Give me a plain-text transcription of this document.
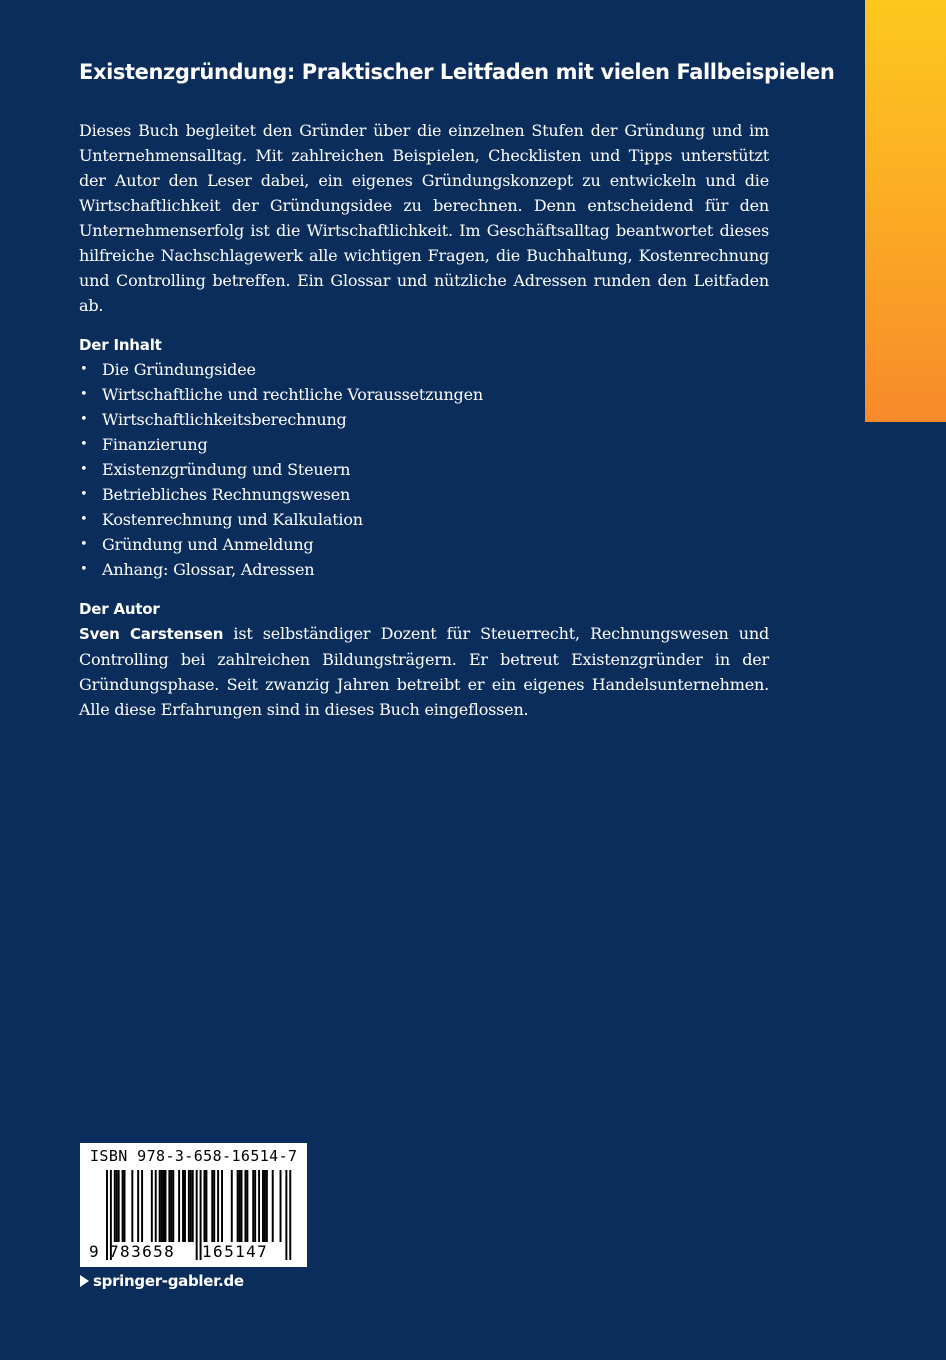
Existenzgründung: Praktischer Leitfaden mit vielen Fallbeispielen

Dieses Buch begleitet den Gründer über die einzelnen Stufen der Gründung und im Unternehmensalltag. Mit zahlreichen Beispielen, Checklisten und Tipps unterstützt der Autor den Leser dabei, ein eigenes Gründungskonzept zu entwickeln und die Wirtschaftlichkeit der Gründungsidee zu berechnen. Denn entscheidend für den Unternehmenserfolg ist die Wirtschaftlichkeit. Im Geschäftsalltag beantwortet dieses hilfreiche Nachschlagewerk alle wichtigen Fragen, die Buchhaltung, Kostenrechnung und Controlling betreffen. Ein Glossar und nützliche Adressen runden den Leitfaden ab.

Der Inhalt
• Die Gründungsidee
• Wirtschaftliche und rechtliche Voraussetzungen
• Wirtschaftlichkeitsberechnung
• Finanzierung
• Existenzgründung und Steuern
• Betriebliches Rechnungswesen
• Kostenrechnung und Kalkulation
• Gründung und Anmeldung
• Anhang: Glossar, Adressen
Der Autor

Sven Carstensen ist selbständiger Dozent für Steuerrecht, Rechnungswesen und Controlling bei zahlreichen Bildungsträgern. Er betreut Existenzgründer in der Gründungsphase. Seit zwanzig Jahren betreibt er ein eigenes Handelsunternehmen. Alle diese Erfahrungen sind in dieses Buch eingeflossen.

ISBN 978-3-658-16514-7
9 783658 165147
springer-gabler.de
